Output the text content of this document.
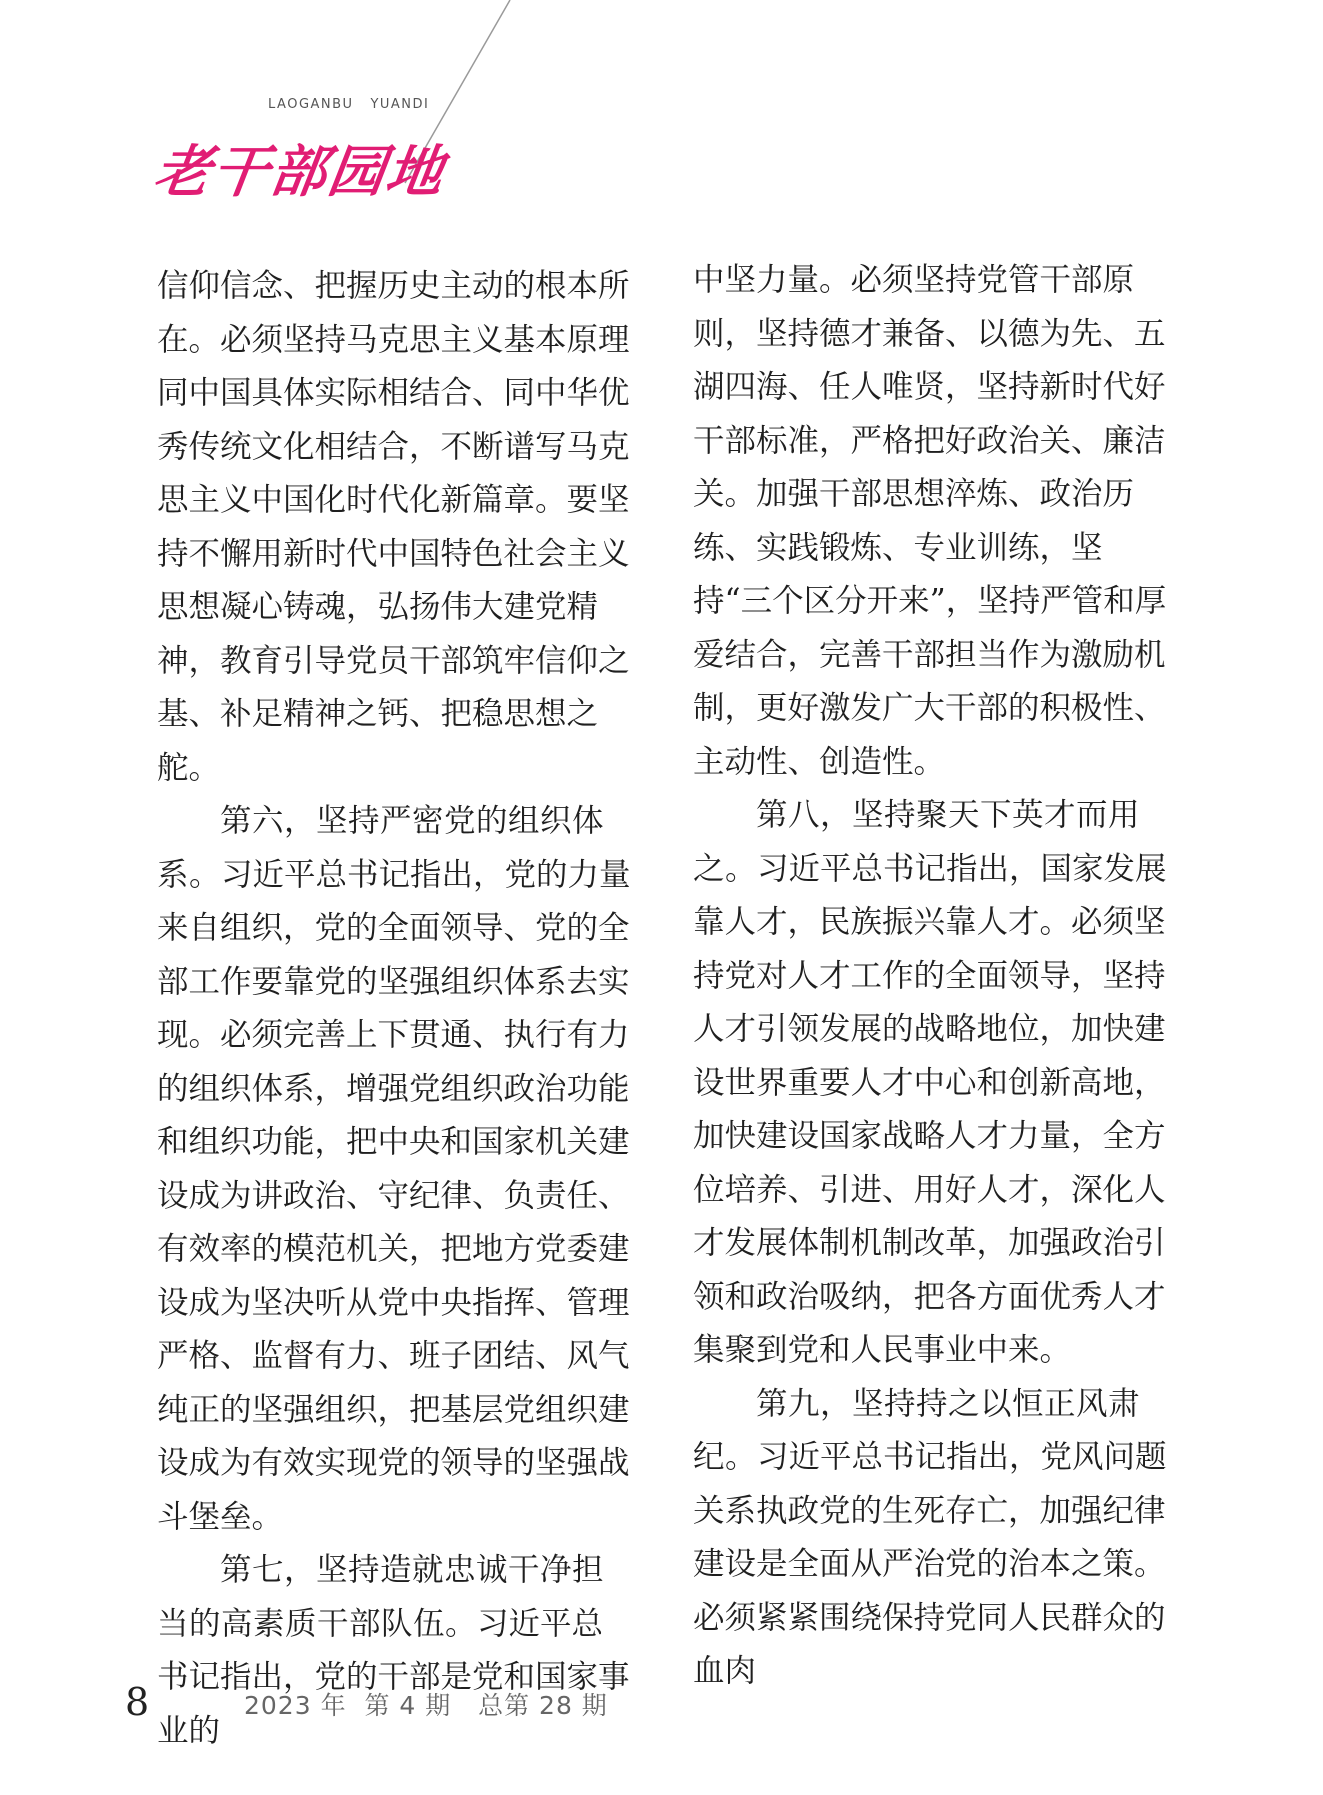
LAOGANBU   YUANDI
老干部园地

信仰信念、把握历史主动的根本所在。必须坚持马克思主义基本原理同中国具体实际相结合、同中华优秀传统文化相结合，不断谱写马克思主义中国化时代化新篇章。要坚持不懈用新时代中国特色社会主义思想凝心铸魂，弘扬伟大建党精神，教育引导党员干部筑牢信仰之基、补足精神之钙、把稳思想之舵。

第六，坚持严密党的组织体系。习近平总书记指出，党的力量来自组织，党的全面领导、党的全部工作要靠党的坚强组织体系去实现。必须完善上下贯通、执行有力的组织体系，增强党组织政治功能和组织功能，把中央和国家机关建设成为讲政治、守纪律、负责任、有效率的模范机关，把地方党委建设成为坚决听从党中央指挥、管理严格、监督有力、班子团结、风气纯正的坚强组织，把基层党组织建设成为有效实现党的领导的坚强战斗堡垒。

第七，坚持造就忠诚干净担当的高素质干部队伍。习近平总书记指出，党的干部是党和国家事业的

中坚力量。必须坚持党管干部原则，坚持德才兼备、以德为先、五湖四海、任人唯贤，坚持新时代好干部标准，严格把好政治关、廉洁关。加强干部思想淬炼、政治历练、实践锻炼、专业训练，坚持“三个区分开来”，坚持严管和厚爱结合，完善干部担当作为激励机制，更好激发广大干部的积极性、主动性、创造性。

第八，坚持聚天下英才而用之。习近平总书记指出，国家发展靠人才，民族振兴靠人才。必须坚持党对人才工作的全面领导，坚持人才引领发展的战略地位，加快建设世界重要人才中心和创新高地，加快建设国家战略人才力量，全方位培养、引进、用好人才，深化人才发展体制机制改革，加强政治引领和政治吸纳，把各方面优秀人才集聚到党和人民事业中来。

第九，坚持持之以恒正风肃纪。习近平总书记指出，党风问题关系执政党的生死存亡，加强纪律建设是全面从严治党的治本之策。必须紧紧围绕保持党同人民群众的血肉

8	2023 年  第 4 期   总第 28 期
